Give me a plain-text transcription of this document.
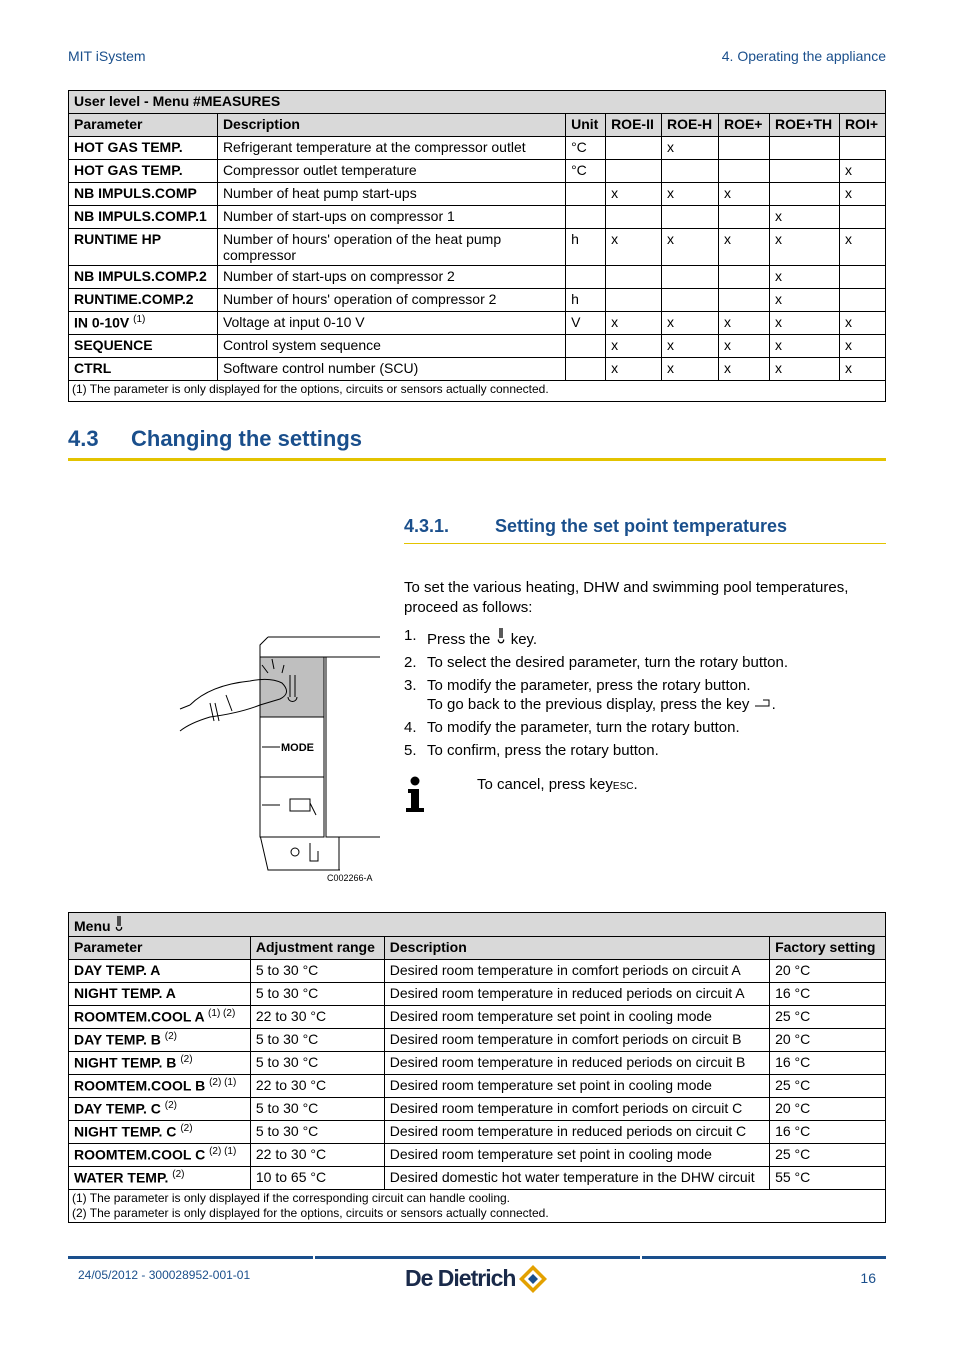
MIT iSystem	4. Operating the appliance
User level - Menu #MEASURES							
Parameter	Description	Unit	ROE-II	ROE-H	ROE+	ROE+TH	ROI+
HOT GAS TEMP.	Refrigerant temperature at the compressor outlet	°C		x			
HOT GAS TEMP.	Compressor outlet temperature	°C					x
NB IMPULS.COMP	Number of heat pump start-ups		x	x	x		x
NB IMPULS.COMP.1	Number of start-ups on compressor 1					x	
RUNTIME HP	Number of hours' operation of the heat pump compressor	h	x	x	x	x	x
NB IMPULS.COMP.2	Number of start-ups on compressor 2					x	
RUNTIME.COMP.2	Number of hours' operation of compressor 2	h				x	
IN 0-10V $^{(1)}$	Voltage at input 0-10 V	V	x	x	x	x	x
SEQUENCE	Control system sequence		x	x	x	x	x
CTRL	Software control number (SCU)		x	x	x	x	x
(1) The parameter is only displayed for the options, circuits or sensors actually connected.							
4.3 Changing the settings
4.3.1.	Setting the set point temperatures
MODE
C002266-A
To set the various heating, DHW and swimming pool temperatures, proceed as follows:
1. Press the  key.
2. To select the desired parameter, turn the rotary button.
3. To modify the parameter, press the rotary button.
To go back to the previous display, press the key .
4. To modify the parameter, turn the rotary button.
5. To confirm, press the rotary button.
To cancel, press keyESC.
Menu			
Parameter	Adjustment range	Description	Factory setting
DAY TEMP. A	5 to 30 °C	Desired room temperature in comfort periods on circuit A	20 °C
NIGHT TEMP. A	5 to 30 °C	Desired room temperature in reduced periods on circuit A	16 °C
ROOMTEM.COOL A $^{(1) (2)}$	22 to 30 °C	Desired room temperature set point in cooling mode	25 °C
DAY TEMP. B $^{(2)}$	5 to 30 °C	Desired room temperature in comfort periods on circuit B	20 °C
NIGHT TEMP. B $^{(2)}$	5 to 30 °C	Desired room temperature in reduced periods on circuit B	16 °C
ROOMTEM.COOL B $^{(2) (1)}$	22 to 30 °C	Desired room temperature set point in cooling mode	25 °C
DAY TEMP. C $^{(2)}$	5 to 30 °C	Desired room temperature in comfort periods on circuit C	20 °C
NIGHT TEMP. C $^{(2)}$	5 to 30 °C	Desired room temperature in reduced periods on circuit C	16 °C
ROOMTEM.COOL C $^{(2) (1)}$	22 to 30 °C	Desired room temperature set point in cooling mode	25 °C
WATER TEMP. $^{(2)}$	10 to 65 °C	Desired domestic hot water temperature in the DHW circuit	55 °C

(1) The parameter is only displayed if the corresponding circuit can handle cooling.
(2) The parameter is only displayed for the options, circuits or sensors actually connected.			
24/05/2012 - 300028952-001-01	De Dietrich	16
